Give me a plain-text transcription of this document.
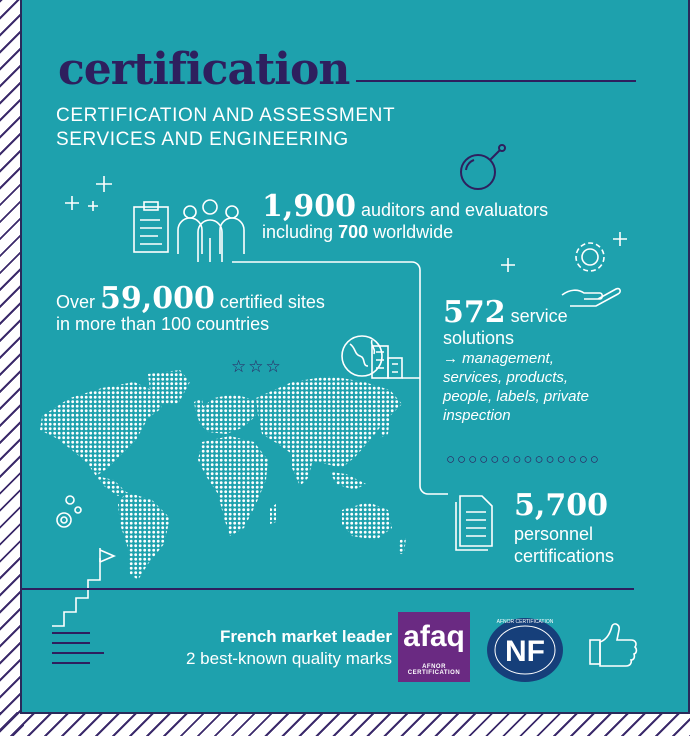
certification
CERTIFICATION AND ASSESSMENT
SERVICES AND ENGINEERING
☆☆☆
1,900 auditors and evaluators
including 700 worldwide
Over 59,000 certified sites
in more than 100 countries	572 service
solutions
→ management,
services, products,
people, labels, private
inspection
○○○○○○○○○○○○○○
5,700
personnel
certifications
French market leader
2 best-known quality marks
afaq
AFNOR CERTIFICATION
NF
AFNOR CERTIFICATION
